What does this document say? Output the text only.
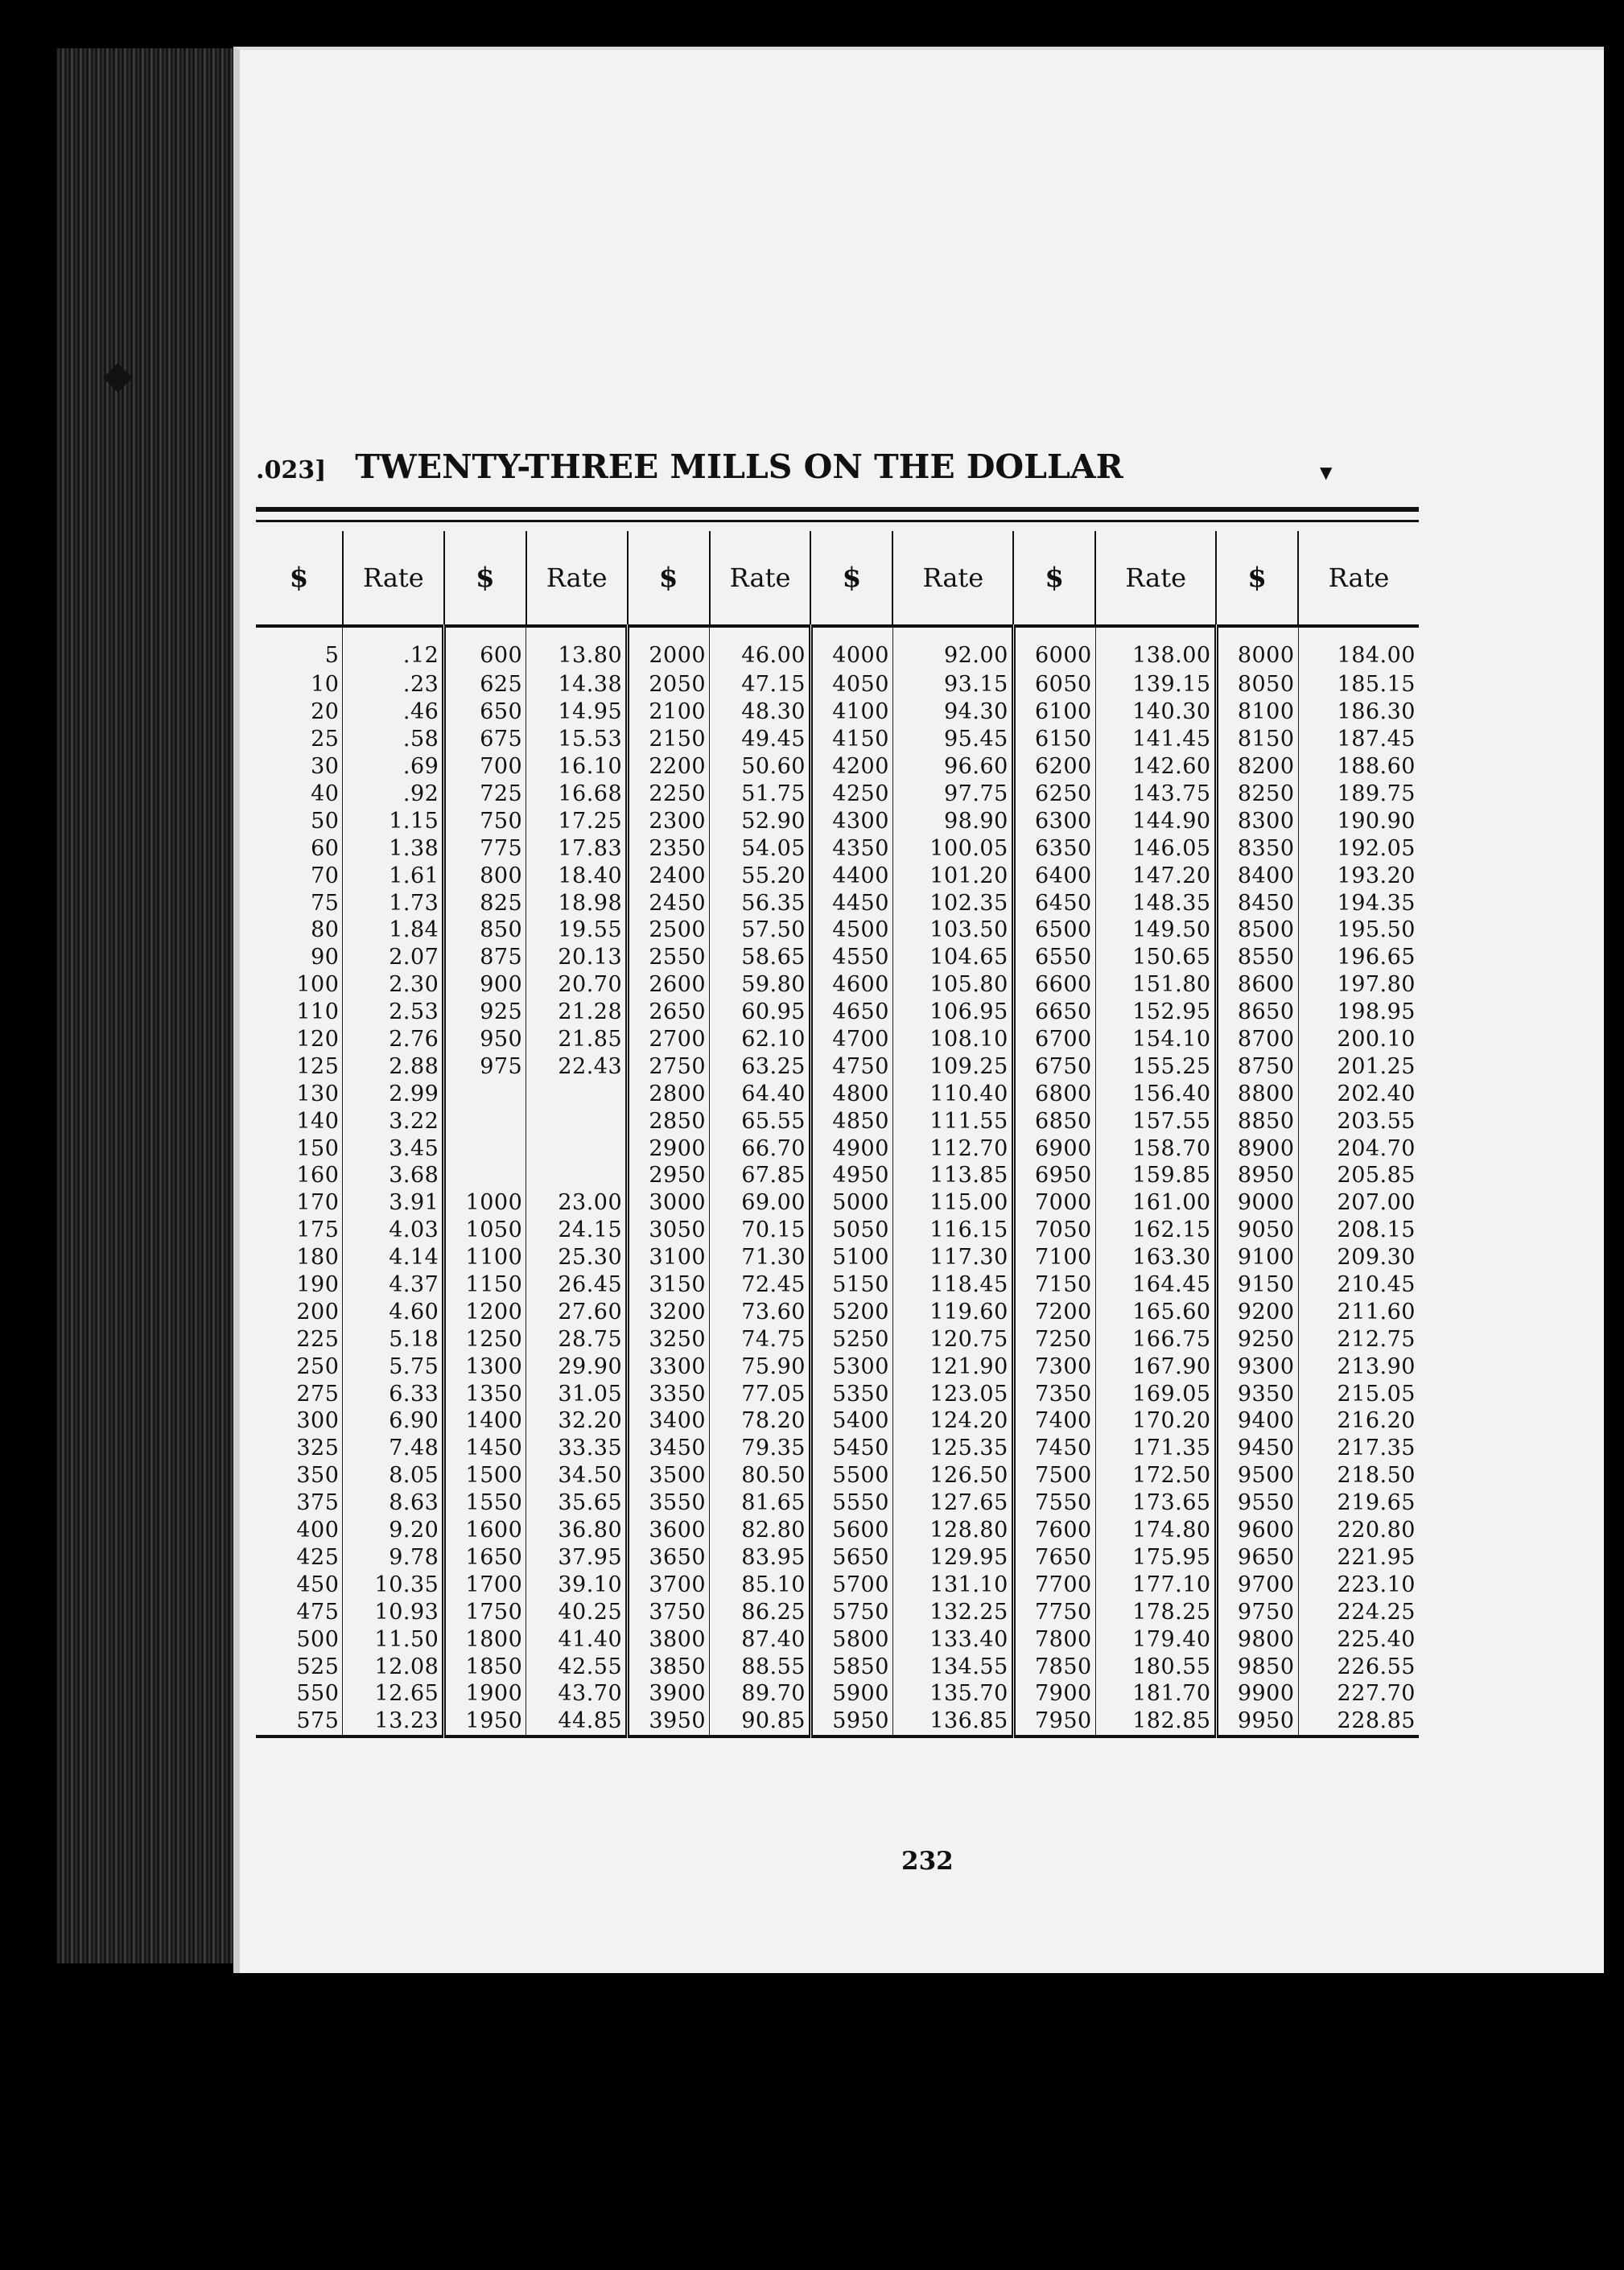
◆
▼
.023] TWENTY-THREE MILLS ON THE DOLLAR
$	Rate	$	Rate	$	Rate	$	Rate	$	Rate	$	Rate
5	.12	600	13.80	2000	46.00	4000	92.00	6000	138.00	8000	184.00
10	.23	625	14.38	2050	47.15	4050	93.15	6050	139.15	8050	185.15
20	.46	650	14.95	2100	48.30	4100	94.30	6100	140.30	8100	186.30
25	.58	675	15.53	2150	49.45	4150	95.45	6150	141.45	8150	187.45
30	.69	700	16.10	2200	50.60	4200	96.60	6200	142.60	8200	188.60
40	.92	725	16.68	2250	51.75	4250	97.75	6250	143.75	8250	189.75
50	1.15	750	17.25	2300	52.90	4300	98.90	6300	144.90	8300	190.90
60	1.38	775	17.83	2350	54.05	4350	100.05	6350	146.05	8350	192.05
70	1.61	800	18.40	2400	55.20	4400	101.20	6400	147.20	8400	193.20
75	1.73	825	18.98	2450	56.35	4450	102.35	6450	148.35	8450	194.35
80	1.84	850	19.55	2500	57.50	4500	103.50	6500	149.50	8500	195.50
90	2.07	875	20.13	2550	58.65	4550	104.65	6550	150.65	8550	196.65
100	2.30	900	20.70	2600	59.80	4600	105.80	6600	151.80	8600	197.80
110	2.53	925	21.28	2650	60.95	4650	106.95	6650	152.95	8650	198.95
120	2.76	950	21.85	2700	62.10	4700	108.10	6700	154.10	8700	200.10
125	2.88	975	22.43	2750	63.25	4750	109.25	6750	155.25	8750	201.25
130	2.99			2800	64.40	4800	110.40	6800	156.40	8800	202.40
140	3.22			2850	65.55	4850	111.55	6850	157.55	8850	203.55
150	3.45			2900	66.70	4900	112.70	6900	158.70	8900	204.70
160	3.68			2950	67.85	4950	113.85	6950	159.85	8950	205.85
170	3.91	1000	23.00	3000	69.00	5000	115.00	7000	161.00	9000	207.00
175	4.03	1050	24.15	3050	70.15	5050	116.15	7050	162.15	9050	208.15
180	4.14	1100	25.30	3100	71.30	5100	117.30	7100	163.30	9100	209.30
190	4.37	1150	26.45	3150	72.45	5150	118.45	7150	164.45	9150	210.45
200	4.60	1200	27.60	3200	73.60	5200	119.60	7200	165.60	9200	211.60
225	5.18	1250	28.75	3250	74.75	5250	120.75	7250	166.75	9250	212.75
250	5.75	1300	29.90	3300	75.90	5300	121.90	7300	167.90	9300	213.90
275	6.33	1350	31.05	3350	77.05	5350	123.05	7350	169.05	9350	215.05
300	6.90	1400	32.20	3400	78.20	5400	124.20	7400	170.20	9400	216.20
325	7.48	1450	33.35	3450	79.35	5450	125.35	7450	171.35	9450	217.35
350	8.05	1500	34.50	3500	80.50	5500	126.50	7500	172.50	9500	218.50
375	8.63	1550	35.65	3550	81.65	5550	127.65	7550	173.65	9550	219.65
400	9.20	1600	36.80	3600	82.80	5600	128.80	7600	174.80	9600	220.80
425	9.78	1650	37.95	3650	83.95	5650	129.95	7650	175.95	9650	221.95
450	10.35	1700	39.10	3700	85.10	5700	131.10	7700	177.10	9700	223.10
475	10.93	1750	40.25	3750	86.25	5750	132.25	7750	178.25	9750	224.25
500	11.50	1800	41.40	3800	87.40	5800	133.40	7800	179.40	9800	225.40
525	12.08	1850	42.55	3850	88.55	5850	134.55	7850	180.55	9850	226.55
550	12.65	1900	43.70	3900	89.70	5900	135.70	7900	181.70	9900	227.70
575	13.23	1950	44.85	3950	90.85	5950	136.85	7950	182.85	9950	228.85
232
